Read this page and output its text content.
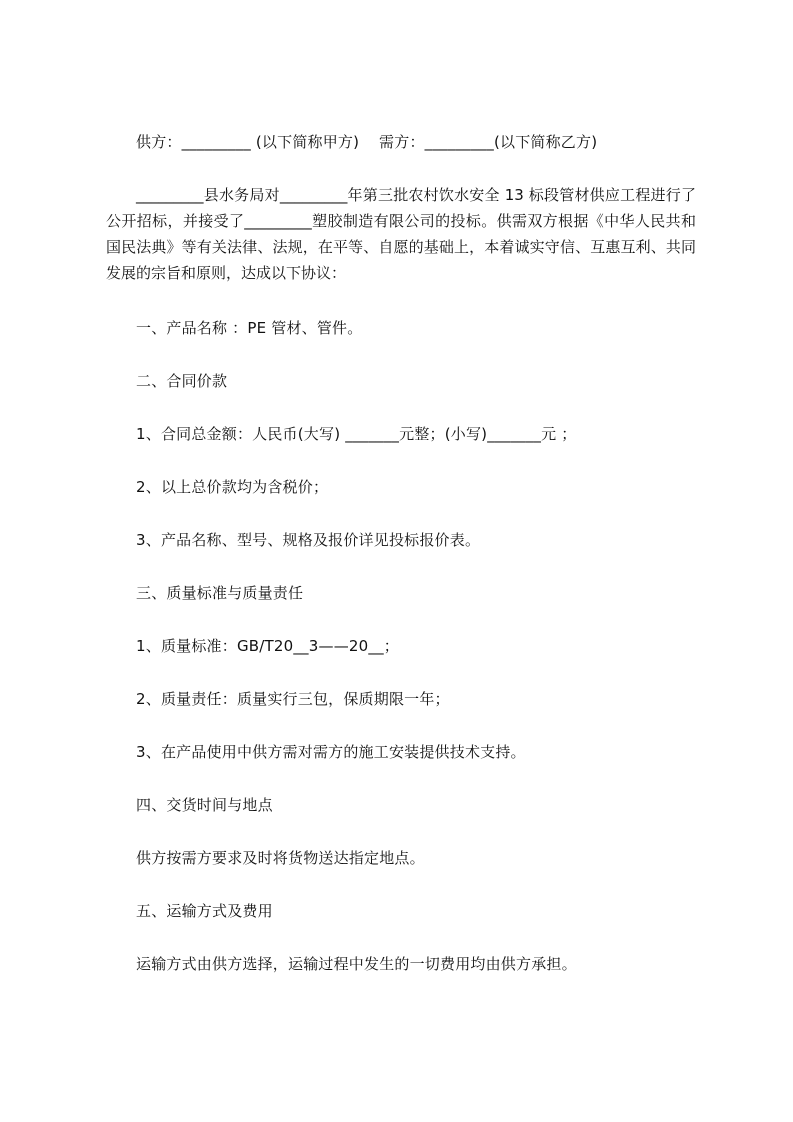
供方：_________ (以下简称甲方)    需方：_________(以下简称乙方)
_________县水务局对_________年第三批农村饮水安全 13 标段管材供应工程进行了公开招标，并接受了_________塑胶制造有限公司的投标。供需双方根据《中华人民共和国民法典》等有关法律、法规，在平等、自愿的基础上，本着诚实守信、互惠互利、共同发展的宗旨和原则，达成以下协议：
一、产品名称 ：PE 管材、管件。
二、合同价款
1、合同总金额：人民币(大写) _______元整；(小写)_______元 ；
2、以上总价款均为含税价；
3、产品名称、型号、规格及报价详见投标报价表。
三、质量标准与质量责任
1、质量标准：GB/T20__3——20__；
2、质量责任：质量实行三包，保质期限一年；
3、在产品使用中供方需对需方的施工安装提供技术支持。
四、交货时间与地点
供方按需方要求及时将货物送达指定地点。
五、运输方式及费用
运输方式由供方选择，运输过程中发生的一切费用均由供方承担。
